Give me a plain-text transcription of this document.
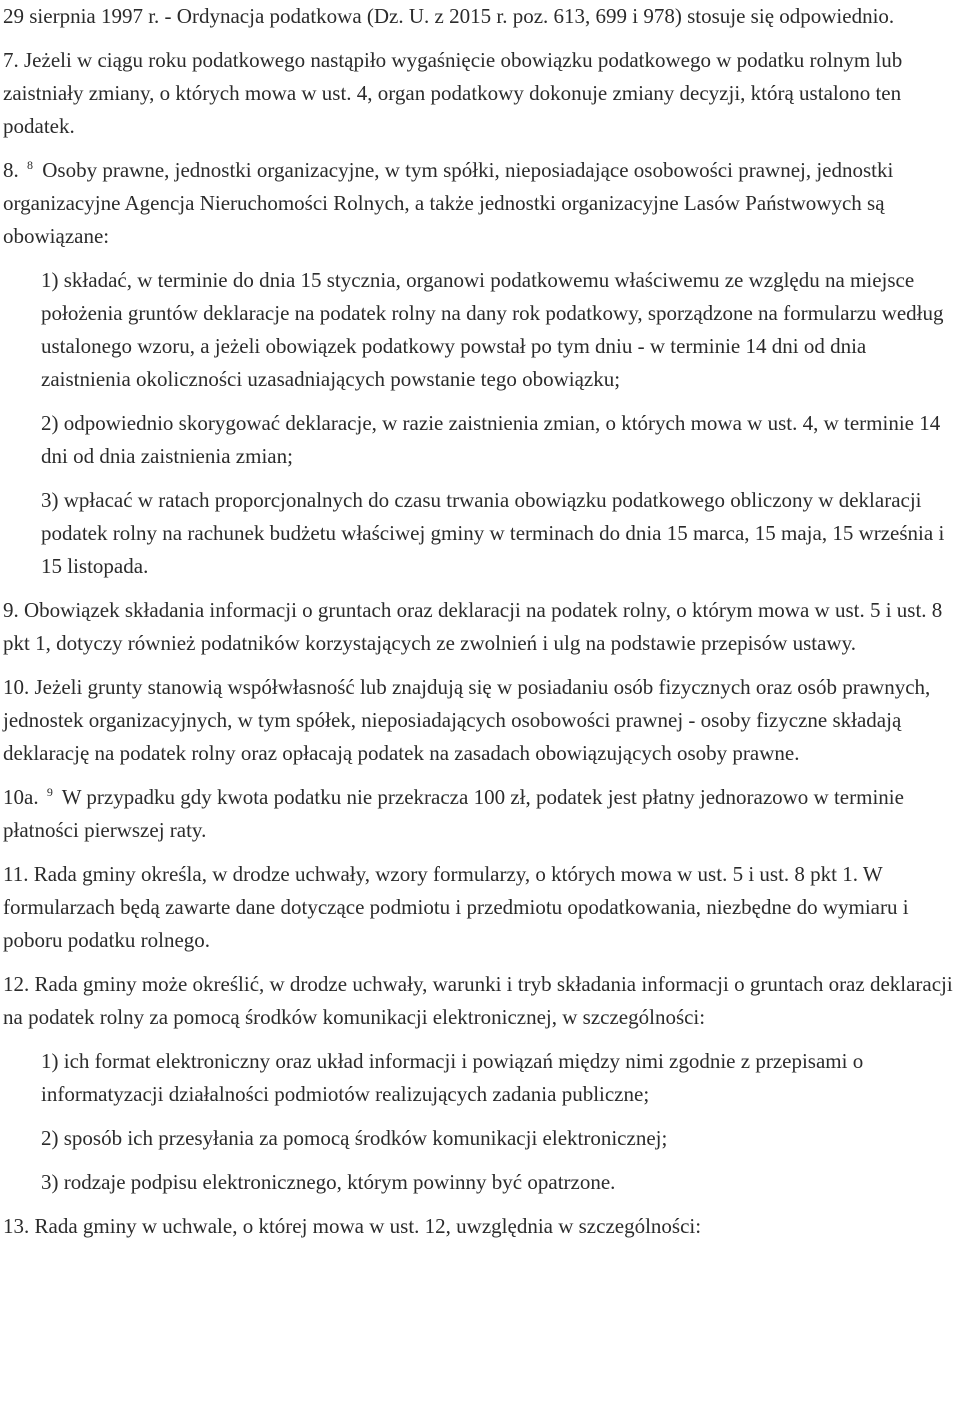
29 sierpnia 1997 r. - Ordynacja podatkowa (Dz. U. z 2015 r. poz. 613, 699 i 978) stosuje się odpowiednio.

7. Jeżeli w ciągu roku podatkowego nastąpiło wygaśnięcie obowiązku podatkowego w podatku rolnym lub zaistniały zmiany, o których mowa w ust. 4, organ podatkowy dokonuje zmiany decyzji, którą ustalono ten podatek.

8. $^8$ Osoby prawne, jednostki organizacyjne, w tym spółki, nieposiadające osobowości prawnej, jednostki organizacyjne Agencja Nieruchomości Rolnych, a także jednostki organizacyjne Lasów Państwowych są obowiązane:

1) składać, w terminie do dnia 15 stycznia, organowi podatkowemu właściwemu ze względu na miejsce położenia gruntów deklaracje na podatek rolny na dany rok podatkowy, sporządzone na formularzu według ustalonego wzoru, a jeżeli obowiązek podatkowy powstał po tym dniu - w terminie 14 dni od dnia zaistnienia okoliczności uzasadniających powstanie tego obowiązku;

2) odpowiednio skorygować deklaracje, w razie zaistnienia zmian, o których mowa w ust. 4, w terminie 14 dni od dnia zaistnienia zmian;

3) wpłacać w ratach proporcjonalnych do czasu trwania obowiązku podatkowego obliczony w deklaracji podatek rolny na rachunek budżetu właściwej gminy w terminach do dnia 15 marca, 15 maja, 15 września i 15 listopada.

9. Obowiązek składania informacji o gruntach oraz deklaracji na podatek rolny, o którym mowa w ust. 5 i ust. 8 pkt 1, dotyczy również podatników korzystających ze zwolnień i ulg na podstawie przepisów ustawy.

10. Jeżeli grunty stanowią współwłasność lub znajdują się w posiadaniu osób fizycznych oraz osób prawnych, jednostek organizacyjnych, w tym spółek, nieposiadających osobowości prawnej - osoby fizyczne składają deklarację na podatek rolny oraz opłacają podatek na zasadach obowiązujących osoby prawne.

10a. $^9$ W przypadku gdy kwota podatku nie przekracza 100 zł, podatek jest płatny jednorazowo w terminie płatności pierwszej raty.

11. Rada gminy określa, w drodze uchwały, wzory formularzy, o których mowa w ust. 5 i ust. 8 pkt 1. W formularzach będą zawarte dane dotyczące podmiotu i przedmiotu opodatkowania, niezbędne do wymiaru i poboru podatku rolnego.

12. Rada gminy może określić, w drodze uchwały, warunki i tryb składania informacji o gruntach oraz deklaracji na podatek rolny za pomocą środków komunikacji elektronicznej, w szczególności:

1) ich format elektroniczny oraz układ informacji i powiązań między nimi zgodnie z przepisami o informatyzacji działalności podmiotów realizujących zadania publiczne;

2) sposób ich przesyłania za pomocą środków komunikacji elektronicznej;

3) rodzaje podpisu elektronicznego, którym powinny być opatrzone.

13. Rada gminy w uchwale, o której mowa w ust. 12, uwzględnia w szczególności:
